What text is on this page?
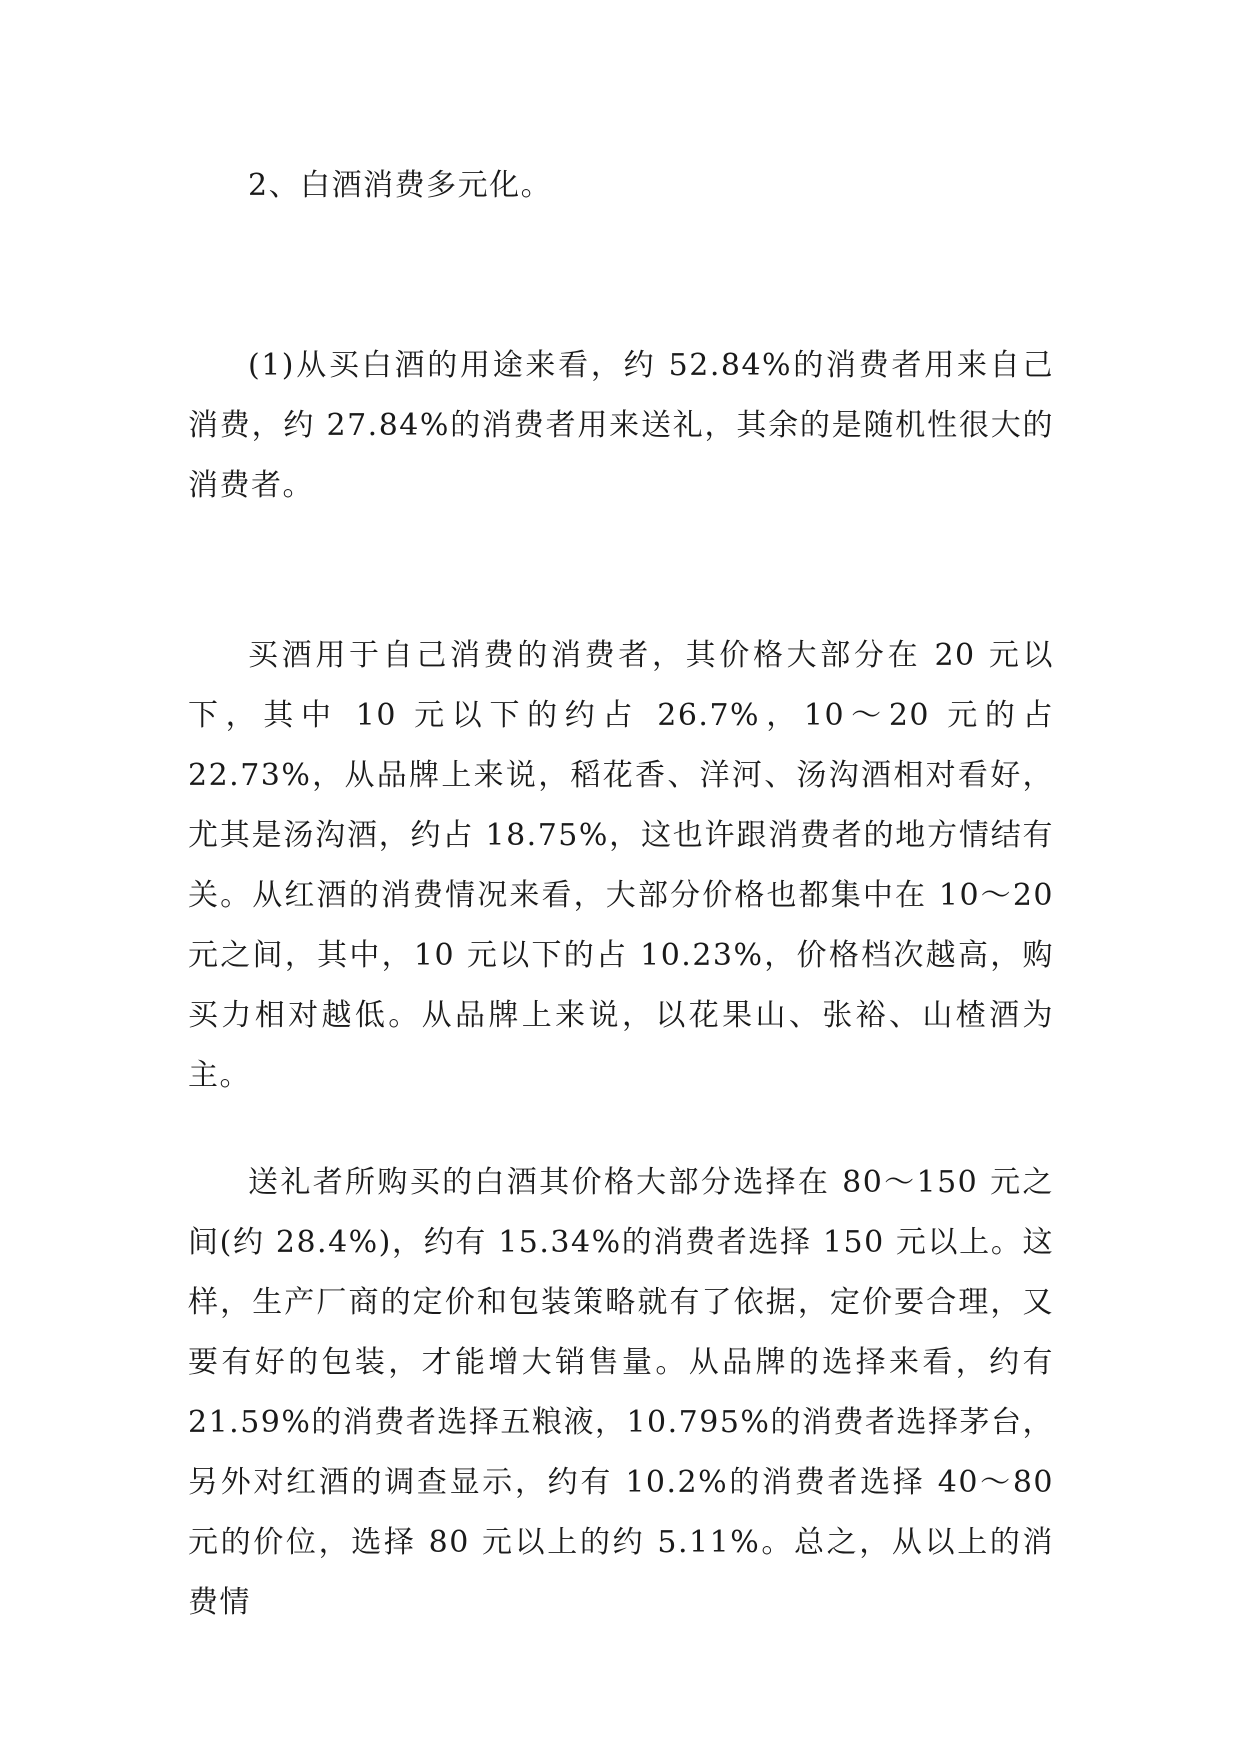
2、白酒消费多元化。

(1)从买白酒的用途来看，约 52.84%的消费者用来自己消费，约 27.84%的消费者用来送礼，其余的是随机性很大的消费者。

买酒用于自己消费的消费者，其价格大部分在 20 元以下，其中 10 元以下的约占 26.7%，10～20 元的占 22.73%，从品牌上来说，稻花香、洋河、汤沟酒相对看好，尤其是汤沟酒，约占 18.75%，这也许跟消费者的地方情结有关。从红酒的消费情况来看，大部分价格也都集中在 10～20 元之间，其中，10 元以下的占 10.23%，价格档次越高，购买力相对越低。从品牌上来说，以花果山、张裕、山楂酒为主。

送礼者所购买的白酒其价格大部分选择在 80～150 元之间(约 28.4%)，约有 15.34%的消费者选择 150 元以上。这样，生产厂商的定价和包装策略就有了依据，定价要合理，又要有好的包装，才能增大销售量。从品牌的选择来看，约有 21.59%的消费者选择五粮液，10.795%的消费者选择茅台，另外对红酒的调查显示，约有 10.2%的消费者选择 40～80 元的价位，选择 80 元以上的约 5.11%。总之，从以上的消费情
